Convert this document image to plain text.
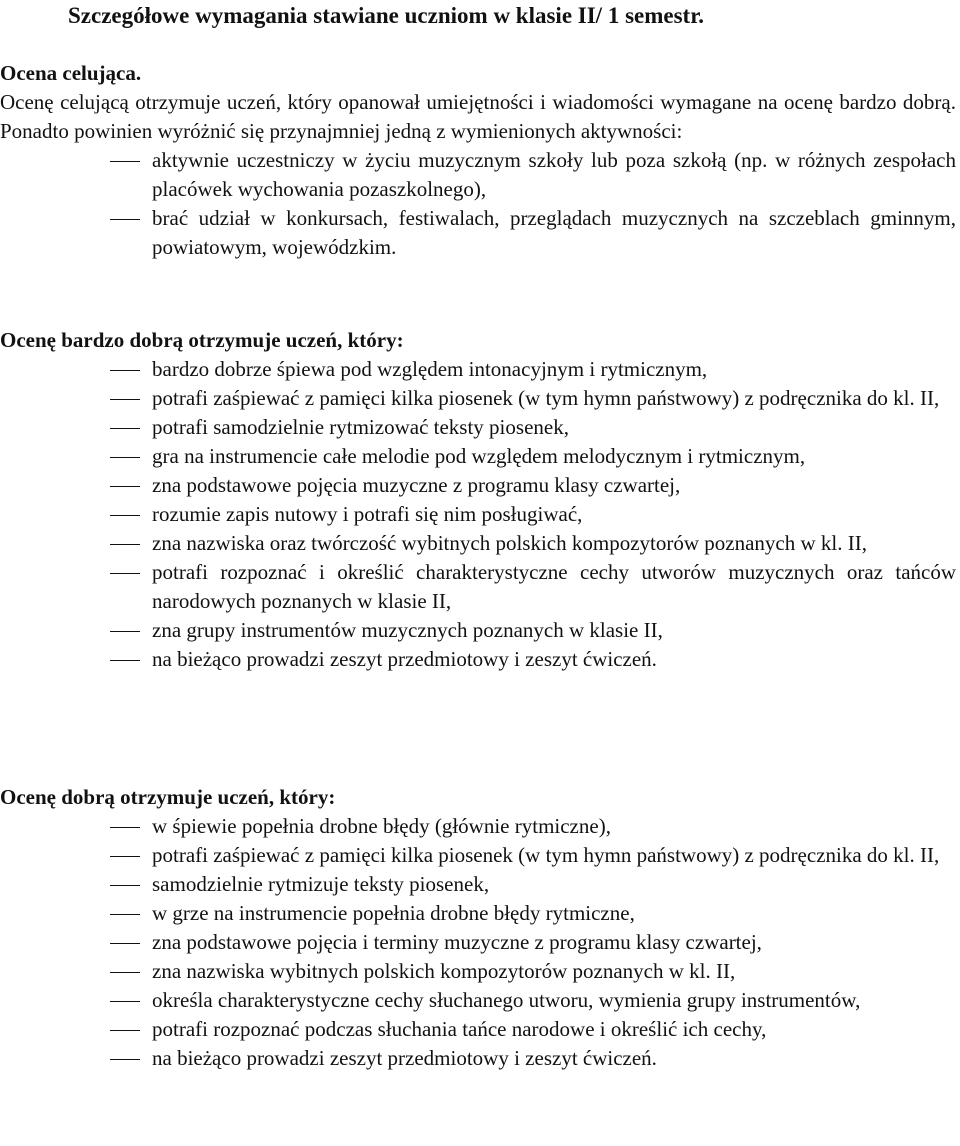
Szczegółowe wymagania stawiane uczniom w klasie II/ 1 semestr.

Ocena celująca.

Ocenę celującą otrzymuje uczeń, który opanował umiejętności i wiadomości wymagane na ocenę bardzo dobrą. Ponadto powinien wyróżnić się przynajmniej jedną z wymienionych aktywności:

aktywnie uczestniczy w życiu muzycznym szkoły lub poza szkołą (np. w różnych zespołach placówek wychowania pozaszkolnego),
brać udział w konkursach, festiwalach, przeglądach muzycznych na szczeblach gminnym, powiatowym, wojewódzkim.

Ocenę bardzo dobrą otrzymuje uczeń, który:

bardzo dobrze śpiewa pod względem intonacyjnym i rytmicznym,
potrafi zaśpiewać z pamięci kilka piosenek (w tym hymn państwowy) z podręcznika do kl. II,
potrafi samodzielnie rytmizować teksty piosenek,
gra na instrumencie całe melodie pod względem melodycznym i rytmicznym,
zna podstawowe pojęcia muzyczne z programu klasy czwartej,
rozumie zapis nutowy i potrafi się nim posługiwać,
zna nazwiska oraz twórczość wybitnych polskich kompozytorów poznanych w kl. II,
potrafi rozpoznać i określić charakterystyczne cechy utworów muzycznych oraz tańców narodowych poznanych w klasie II,
zna grupy instrumentów muzycznych poznanych w klasie II,
na bieżąco prowadzi zeszyt przedmiotowy i zeszyt ćwiczeń.

Ocenę dobrą otrzymuje uczeń, który:

w śpiewie popełnia drobne błędy (głównie rytmiczne),
potrafi zaśpiewać z pamięci kilka piosenek (w tym hymn państwowy) z podręcznika do kl. II,
samodzielnie rytmizuje teksty piosenek,
w grze na instrumencie popełnia drobne błędy rytmiczne,
zna podstawowe pojęcia i terminy muzyczne z programu klasy czwartej,
zna nazwiska wybitnych polskich kompozytorów poznanych w kl. II,
określa charakterystyczne cechy słuchanego utworu, wymienia grupy instrumentów,
potrafi rozpoznać podczas słuchania tańce narodowe i określić ich cechy,
na bieżąco prowadzi zeszyt przedmiotowy i zeszyt ćwiczeń.
